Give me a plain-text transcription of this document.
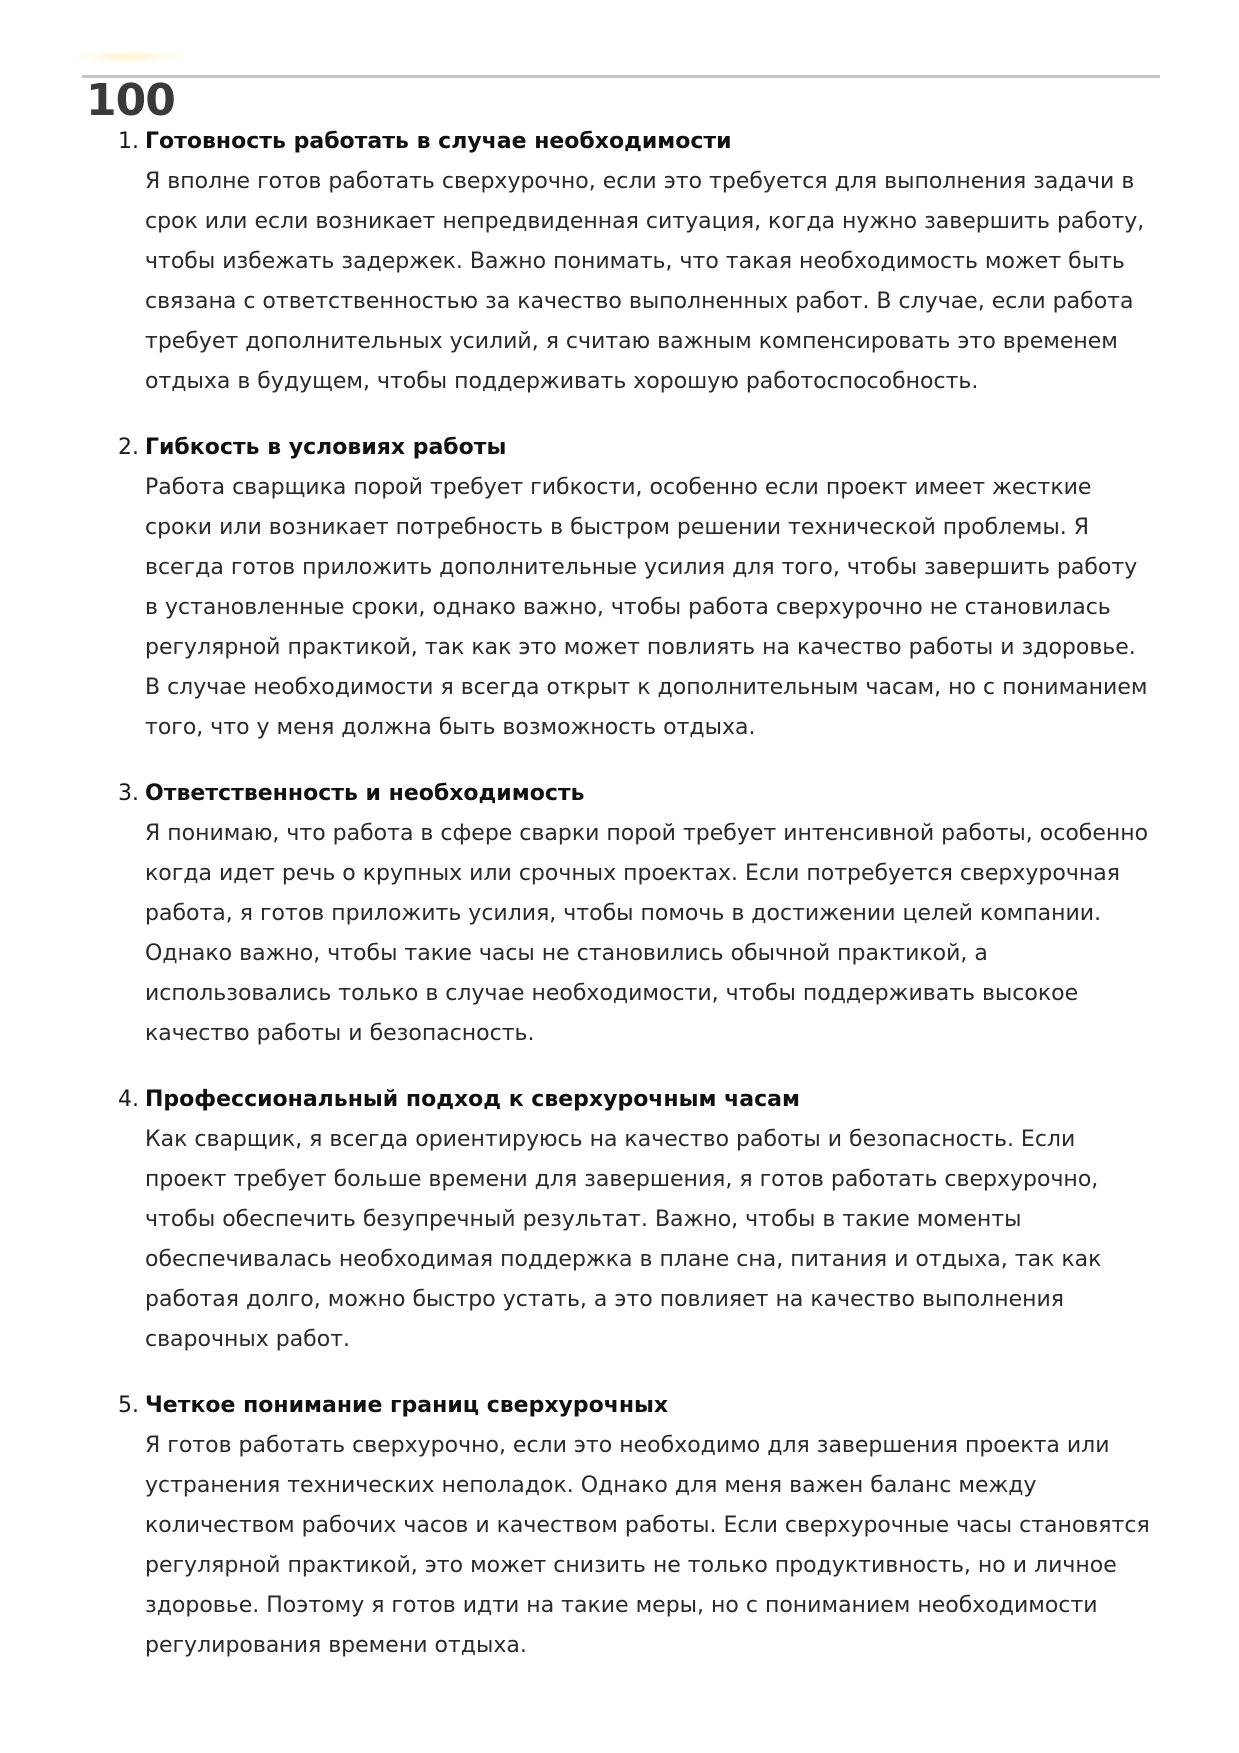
100
1. Готовность работать в случае необходимости
Я вполне готов работать сверхурочно, если это требуется для выполнения задачи в срок или если возникает непредвиденная ситуация, когда нужно завершить работу, чтобы избежать задержек. Важно понимать, что такая необходимость может быть связана с ответственностью за качество выполненных работ. В случае, если работа требует дополнительных усилий, я считаю важным компенсировать это временем отдыха в будущем, чтобы поддерживать хорошую работоспособность.
2. Гибкость в условиях работы
Работа сварщика порой требует гибкости, особенно если проект имеет жесткие сроки или возникает потребность в быстром решении технической проблемы. Я всегда готов приложить дополнительные усилия для того, чтобы завершить работу в установленные сроки, однако важно, чтобы работа сверхурочно не становилась регулярной практикой, так как это может повлиять на качество работы и здоровье. В случае необходимости я всегда открыт к дополнительным часам, но с пониманием того, что у меня должна быть возможность отдыха.
3. Ответственность и необходимость
Я понимаю, что работа в сфере сварки порой требует интенсивной работы, особенно когда идет речь о крупных или срочных проектах. Если потребуется сверхурочная работа, я готов приложить усилия, чтобы помочь в достижении целей компании. Однако важно, чтобы такие часы не становились обычной практикой, а использовались только в случае необходимости, чтобы поддерживать высокое качество работы и безопасность.
4. Профессиональный подход к сверхурочным часам
Как сварщик, я всегда ориентируюсь на качество работы и безопасность. Если проект требует больше времени для завершения, я готов работать сверхурочно, чтобы обеспечить безупречный результат. Важно, чтобы в такие моменты обеспечивалась необходимая поддержка в плане сна, питания и отдыха, так как работая долго, можно быстро устать, а это повлияет на качество выполнения сварочных работ.
5. Четкое понимание границ сверхурочных
Я готов работать сверхурочно, если это необходимо для завершения проекта или устранения технических неполадок. Однако для меня важен баланс между количеством рабочих часов и качеством работы. Если сверхурочные часы становятся регулярной практикой, это может снизить не только продуктивность, но и личное здоровье. Поэтому я готов идти на такие меры, но с пониманием необходимости регулирования времени отдыха.
